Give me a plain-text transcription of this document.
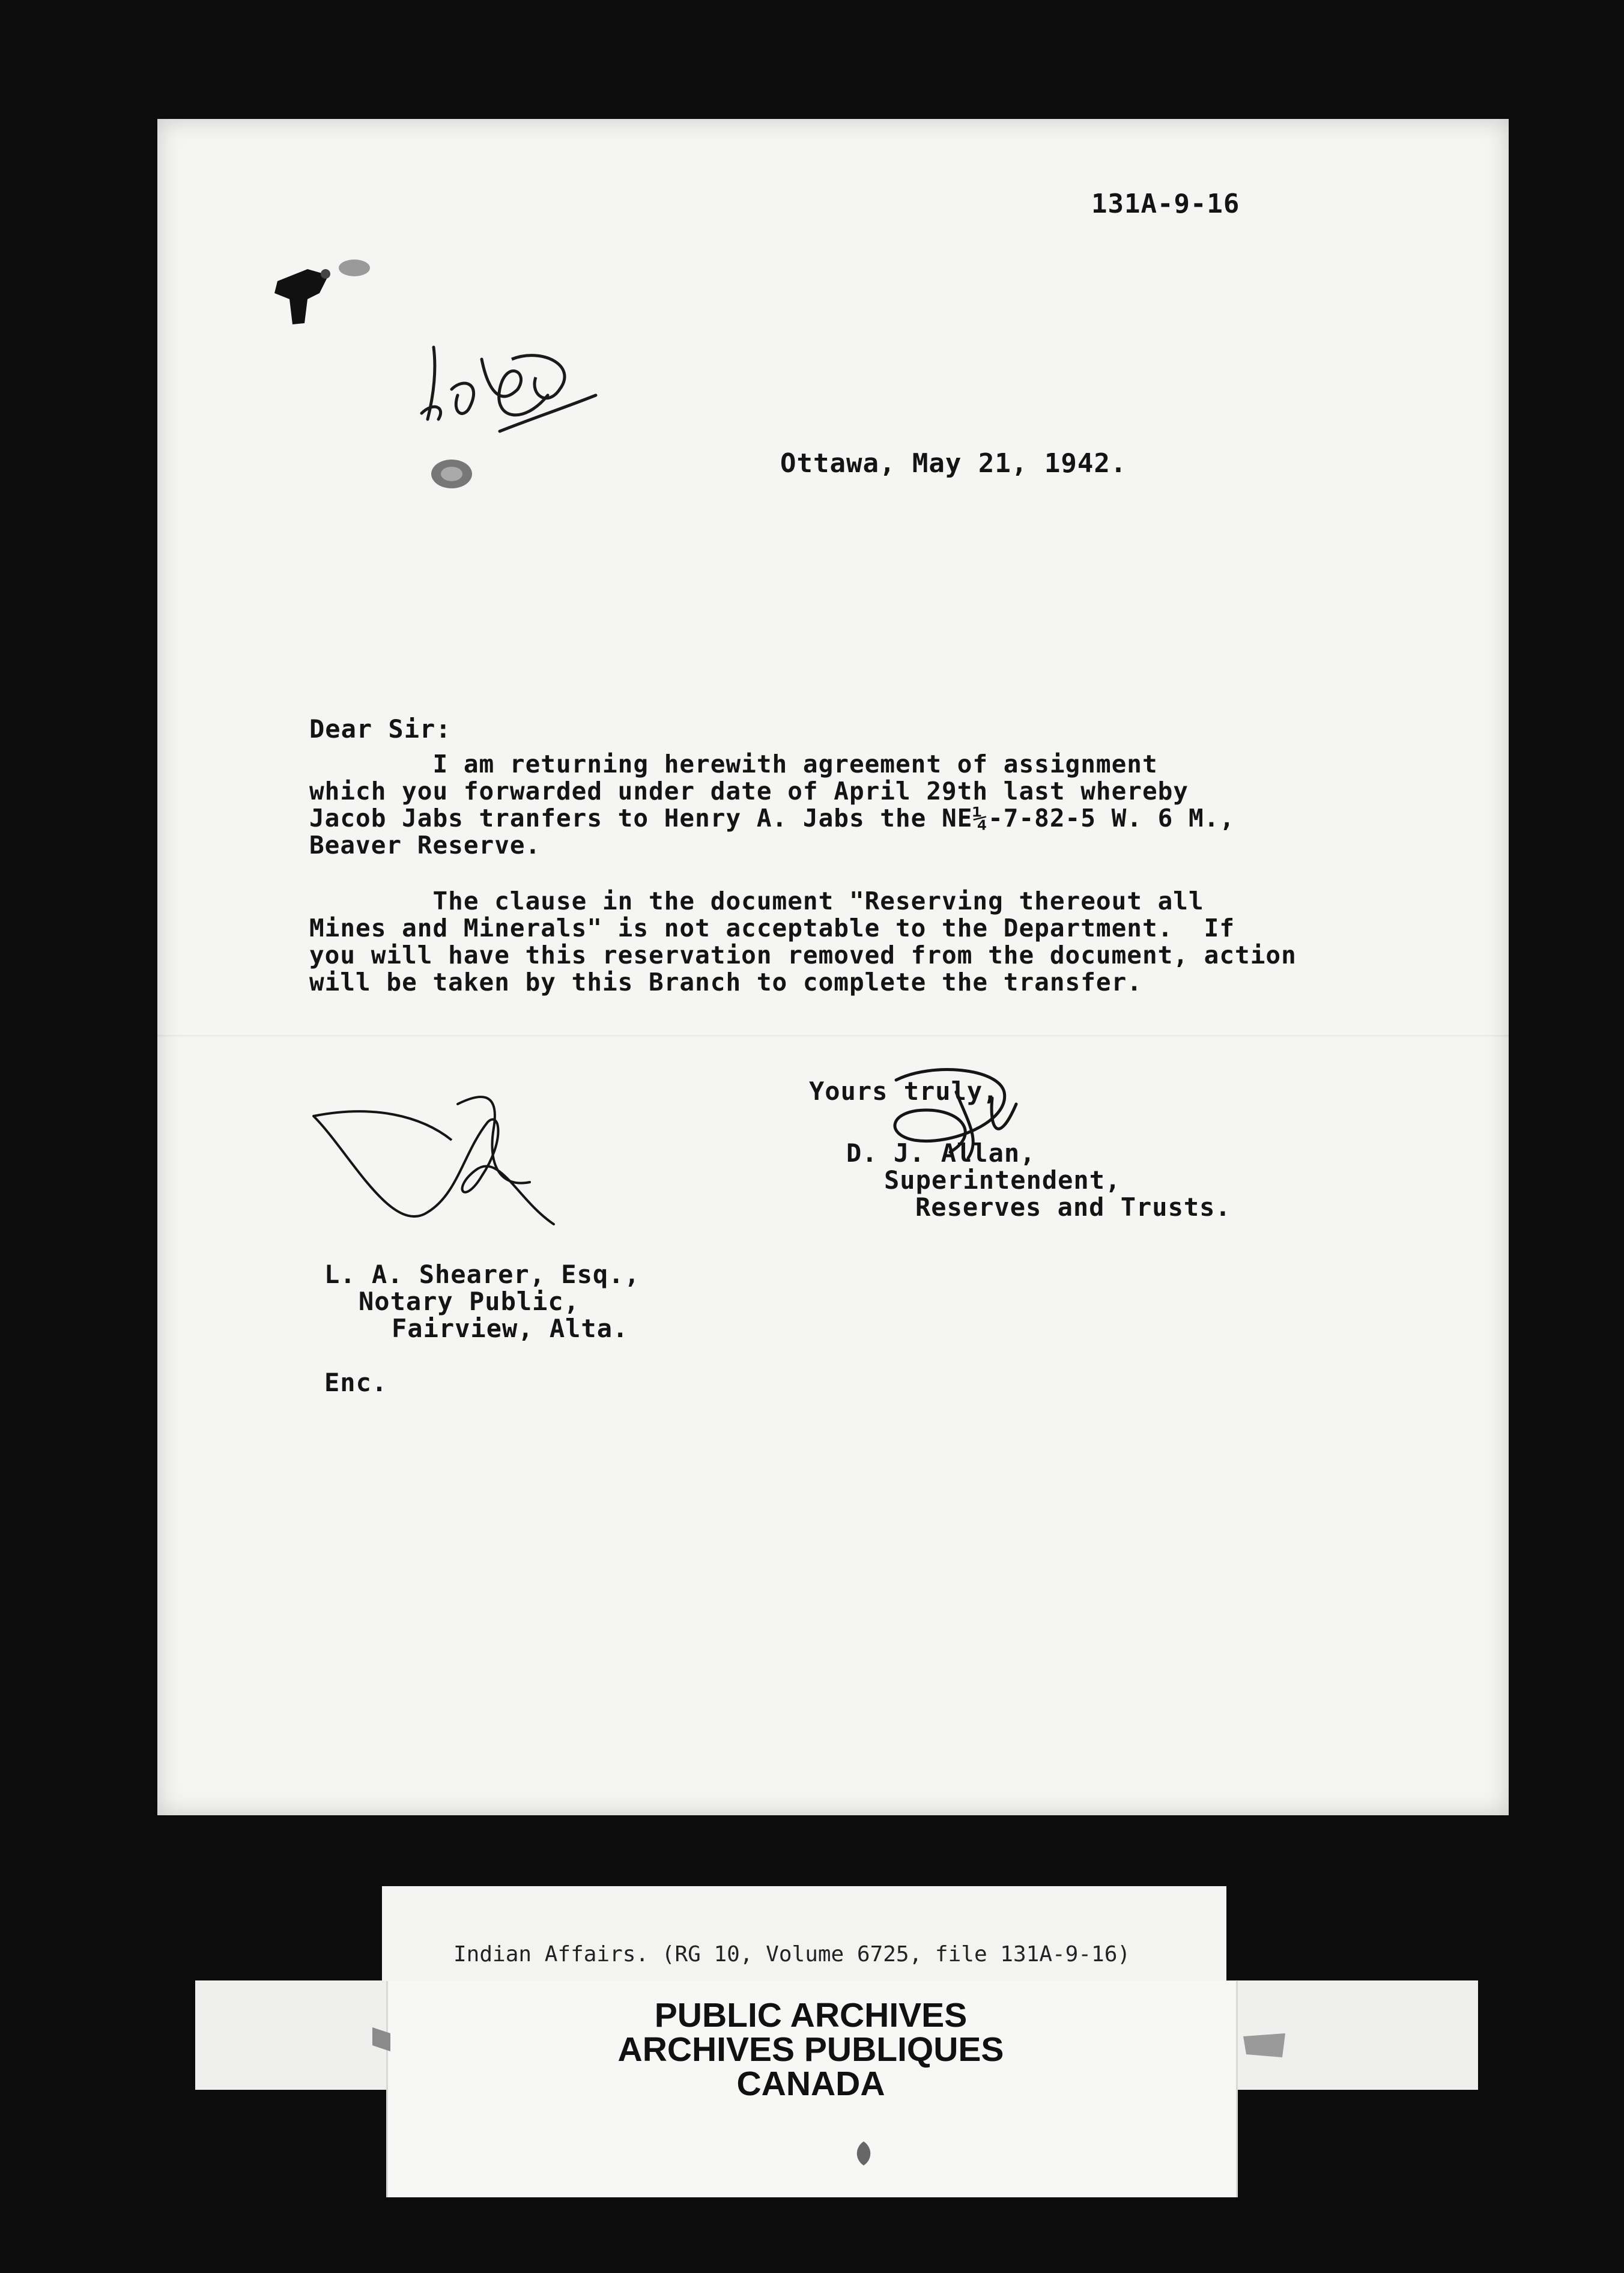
131A-9-16
Ottawa, May 21, 1942.
Dear Sir:
I am returning herewith agreement of assignment
which you forwarded under date of April 29th last whereby
Jacob Jabs tranfers to Henry A. Jabs the NE¼-7-82-5 W. 6 M.,
Beaver Reserve.
The clause in the document "Reserving thereout all
Mines and Minerals" is not acceptable to the Department.  If
you will have this reservation removed from the document, action
will be taken by this Branch to complete the transfer.
Yours truly,
D. J. Allan,
Superintendent,
Reserves and Trusts.
L. A. Shearer, Esq.,
Notary Public,
Fairview, Alta.
Enc.
Indian Affairs. (RG 10, Volume 6725, file 131A-9-16)
PUBLIC ARCHIVES
ARCHIVES PUBLIQUES
CANADA
